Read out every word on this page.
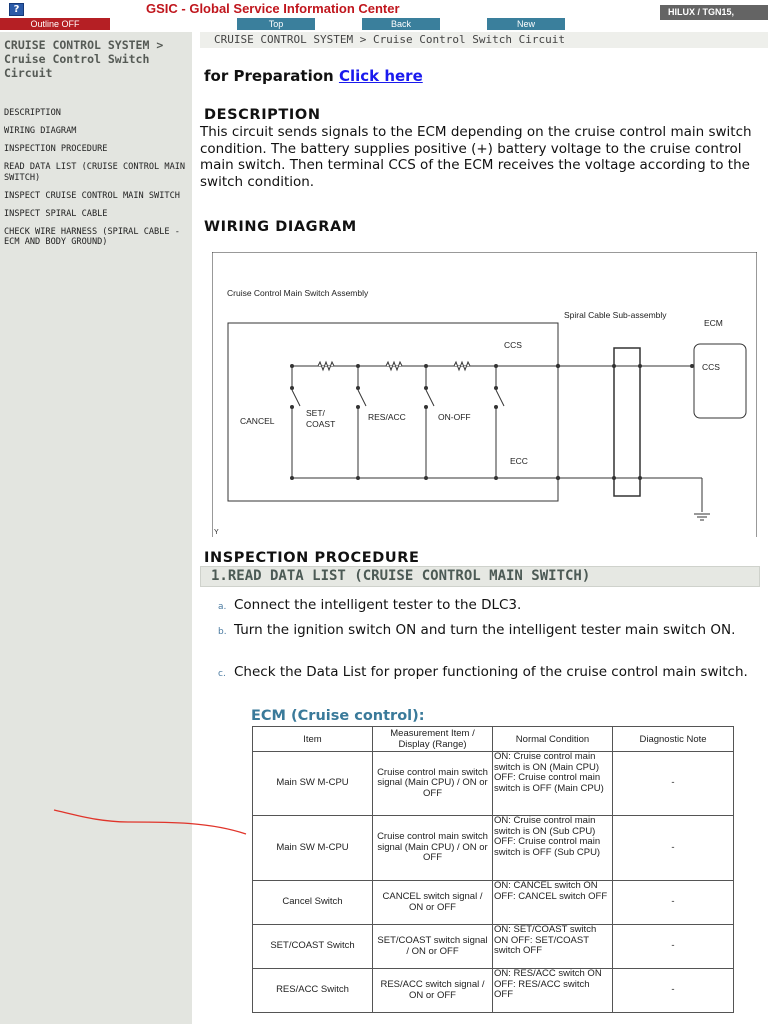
?
Outline OFF
GSIC - Global Service Information Center
Top	Back	New
HILUX / TGN15,
CRUISE CONTROL SYSTEM > Cruise Control Switch Circuit
DESCRIPTION
WIRING DIAGRAM
INSPECTION PROCEDURE
READ DATA LIST (CRUISE CONTROL MAIN SWITCH)
INSPECT CRUISE CONTROL MAIN SWITCH
INSPECT SPIRAL CABLE
CHECK WIRE HARNESS (SPIRAL CABLE - ECM AND BODY GROUND)
CRUISE CONTROL SYSTEM > Cruise Control Switch Circuit
for Preparation Click here
DESCRIPTION
This circuit sends signals to the ECM depending on the cruise control main switch condition. The battery supplies positive (+) battery voltage to the cruise control main switch. Then terminal CCS of the ECM receives the voltage according to the switch condition.
WIRING DIAGRAM
Cruise Control Main Switch Assembly
Spiral Cable Sub-assembly
ECM
CCS
CCS
ECC
CANCEL
SET/
COAST
RES/ACC	ON-OFF
Y
INSPECTION PROCEDURE
1.READ DATA LIST (CRUISE CONTROL MAIN SWITCH)
a. Connect the intelligent tester to the DLC3.
b. Turn the ignition switch ON and turn the intelligent tester main switch ON.
c. Check the Data List for proper functioning of the cruise control main switch.
ECM (Cruise control):
Item	Measurement Item / Display (Range)	Normal Condition	Diagnostic Note
Main SW M-CPU	Cruise control main switch signal (Main CPU) / ON or OFF	ON: Cruise control main switch is ON (Main CPU) OFF: Cruise control main switch is OFF (Main CPU)	-
Main SW M-CPU	Cruise control main switch signal (Main CPU) / ON or OFF	ON: Cruise control main switch is ON (Sub CPU) OFF: Cruise control main switch is OFF (Sub CPU)	-
Cancel Switch	CANCEL switch signal / ON or OFF	ON: CANCEL switch ON OFF: CANCEL switch OFF	-
SET/COAST Switch	SET/COAST switch signal / ON or OFF	ON: SET/COAST switch ON OFF: SET/COAST switch OFF	-
RES/ACC Switch	RES/ACC switch signal / ON or OFF	ON: RES/ACC switch ON OFF: RES/ACC switch OFF	-
